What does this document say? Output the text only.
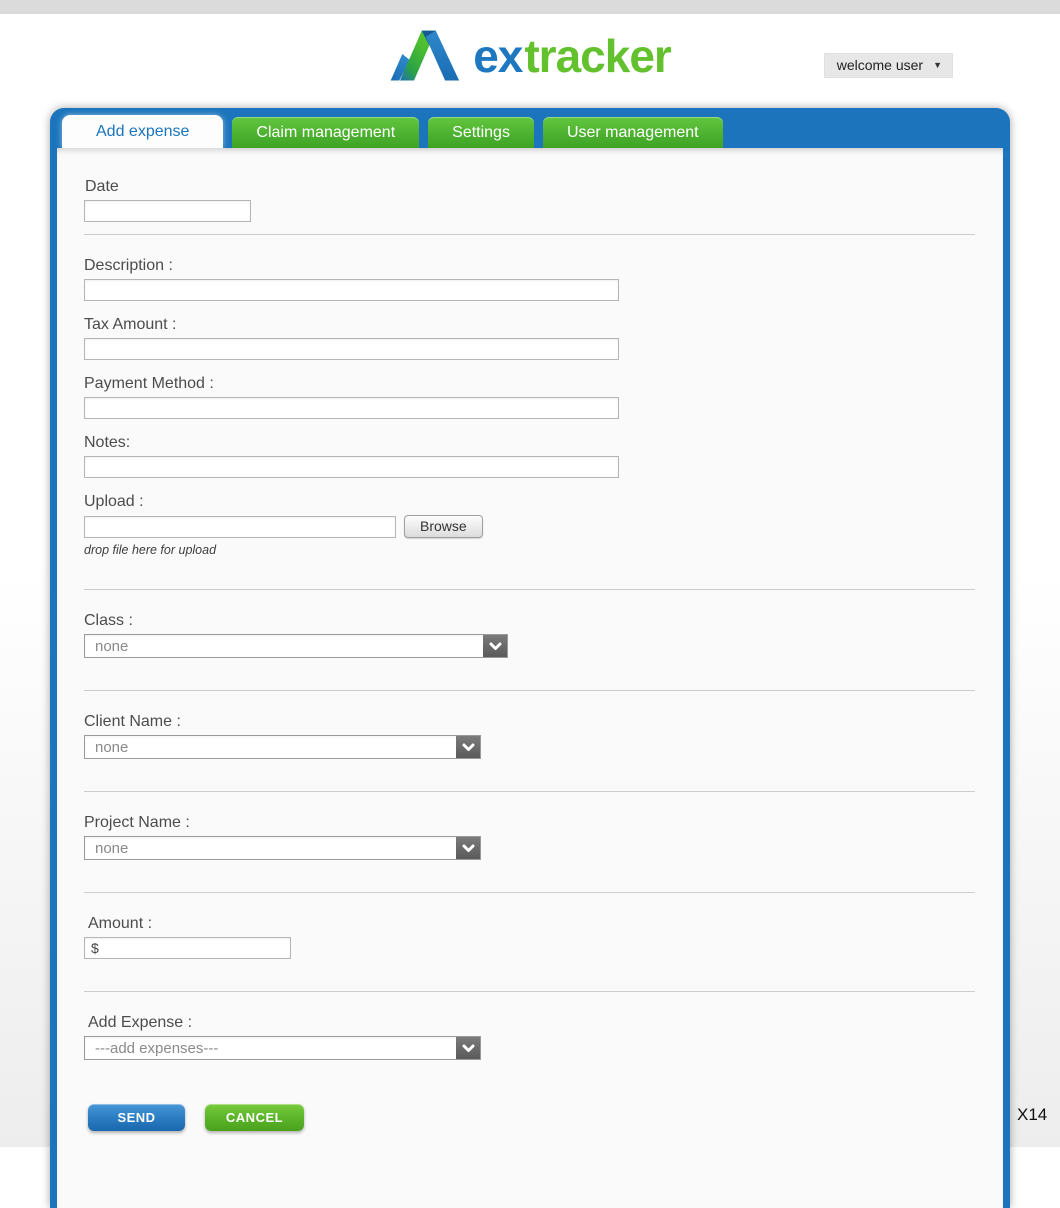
ex tracker	welcome user ▼
Add expense	Claim management	Settings	User management
Date
Description :
Tax Amount :
Payment Method :
Notes:
Upload :
Browse
drop file here for upload
Class :
none
Client Name :
none
Project Name :
none
Amount :
$
Add Expense :
---add expenses---
SEND	CANCEL	X14
